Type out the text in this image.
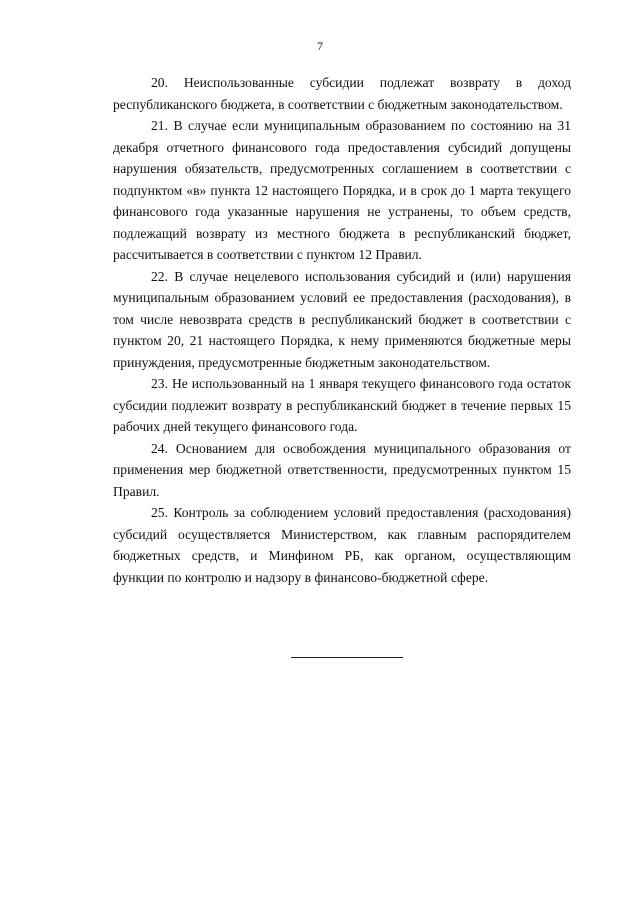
7

20. Неиспользованные субсидии подлежат возврату в доход республиканского бюджета, в соответствии с бюджетным законодательством.

21. В случае если муниципальным образованием по состоянию на 31 декабря отчетного финансового года предоставления субсидий допущены нарушения обязательств, предусмотренных соглашением в соответствии с подпунктом «в» пункта 12 настоящего Порядка, и в срок до 1 марта текущего финансового года указанные нарушения не устранены, то объем средств, подлежащий возврату из местного бюджета в республиканский бюджет, рассчитывается в соответствии с пунктом 12 Правил.

22. В случае нецелевого использования субсидий и (или) нарушения муниципальным образованием условий ее предоставления (расходования), в том числе невозврата средств в республиканский бюджет в соответствии с пунктом 20, 21 настоящего Порядка, к нему применяются бюджетные меры принуждения, предусмотренные бюджетным законодательством.

23. Не использованный на 1 января текущего финансового года остаток субсидии подлежит возврату в республиканский бюджет в течение первых 15 рабочих дней текущего финансового года.

24. Основанием для освобождения муниципального образования от применения мер бюджетной ответственности, предусмотренных пунктом 15 Правил.

25. Контроль за соблюдением условий предоставления (расходования) субсидий осуществляется Министерством, как главным распорядителем бюджетных средств, и Минфином РБ, как органом, осуществляющим функции по контролю и надзору в финансово-бюджетной сфере.
